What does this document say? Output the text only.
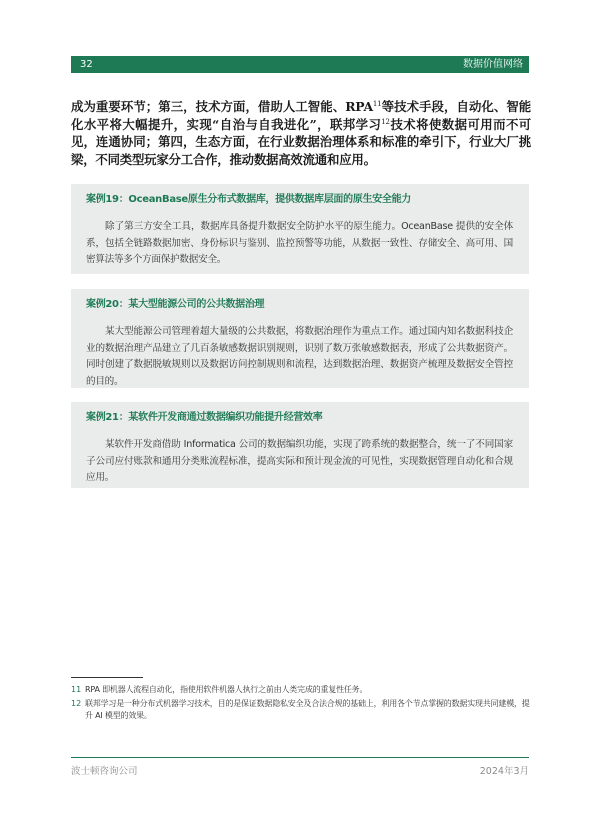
32	数据价值网络

成为重要环节；第三，技术方面，借助人工智能、RPA$^{11}$等技术手段，自动化、智能化水平将大幅提升，实现“自治与自我进化”，联邦学习$^{12}$技术将使数据可用而不可见，连通协同；第四，生态方面，在行业数据治理体系和标准的牵引下，行业大厂挑梁，不同类型玩家分工合作，推动数据高效流通和应用。

案例19：OceanBase原生分布式数据库，提供数据库层面的原生安全能力

除了第三方安全工具，数据库具备提升数据安全防护水平的原生能力。OceanBase 提供的安全体系，包括全链路数据加密、身份标识与鉴别、监控预警等功能，从数据一致性、存储安全、高可用、国密算法等多个方面保护数据安全。

案例20：某大型能源公司的公共数据治理

某大型能源公司管理着超大量级的公共数据，将数据治理作为重点工作。通过国内知名数据科技企业的数据治理产品建立了几百条敏感数据识别规则，识别了数万张敏感数据表，形成了公共数据资产。同时创建了数据脱敏规则以及数据访问控制规则和流程，达到数据治理、数据资产梳理及数据安全管控的目的。

案例21：某软件开发商通过数据编织功能提升经营效率

某软件开发商借助 Informatica 公司的数据编织功能，实现了跨系统的数据整合，统一了不同国家子公司应付账款和通用分类账流程标准，提高实际和预计现金流的可见性，实现数据管理自动化和合规应用。

11 RPA 即机器人流程自动化，指使用软件机器人执行之前由人类完成的重复性任务。
12 联邦学习是一种分布式机器学习技术，目的是保证数据隐私安全及合法合规的基础上，利用各个节点掌握的数据实现共同建模，提升 AI 模型的效果。
波士顿咨询公司	2024年3月
